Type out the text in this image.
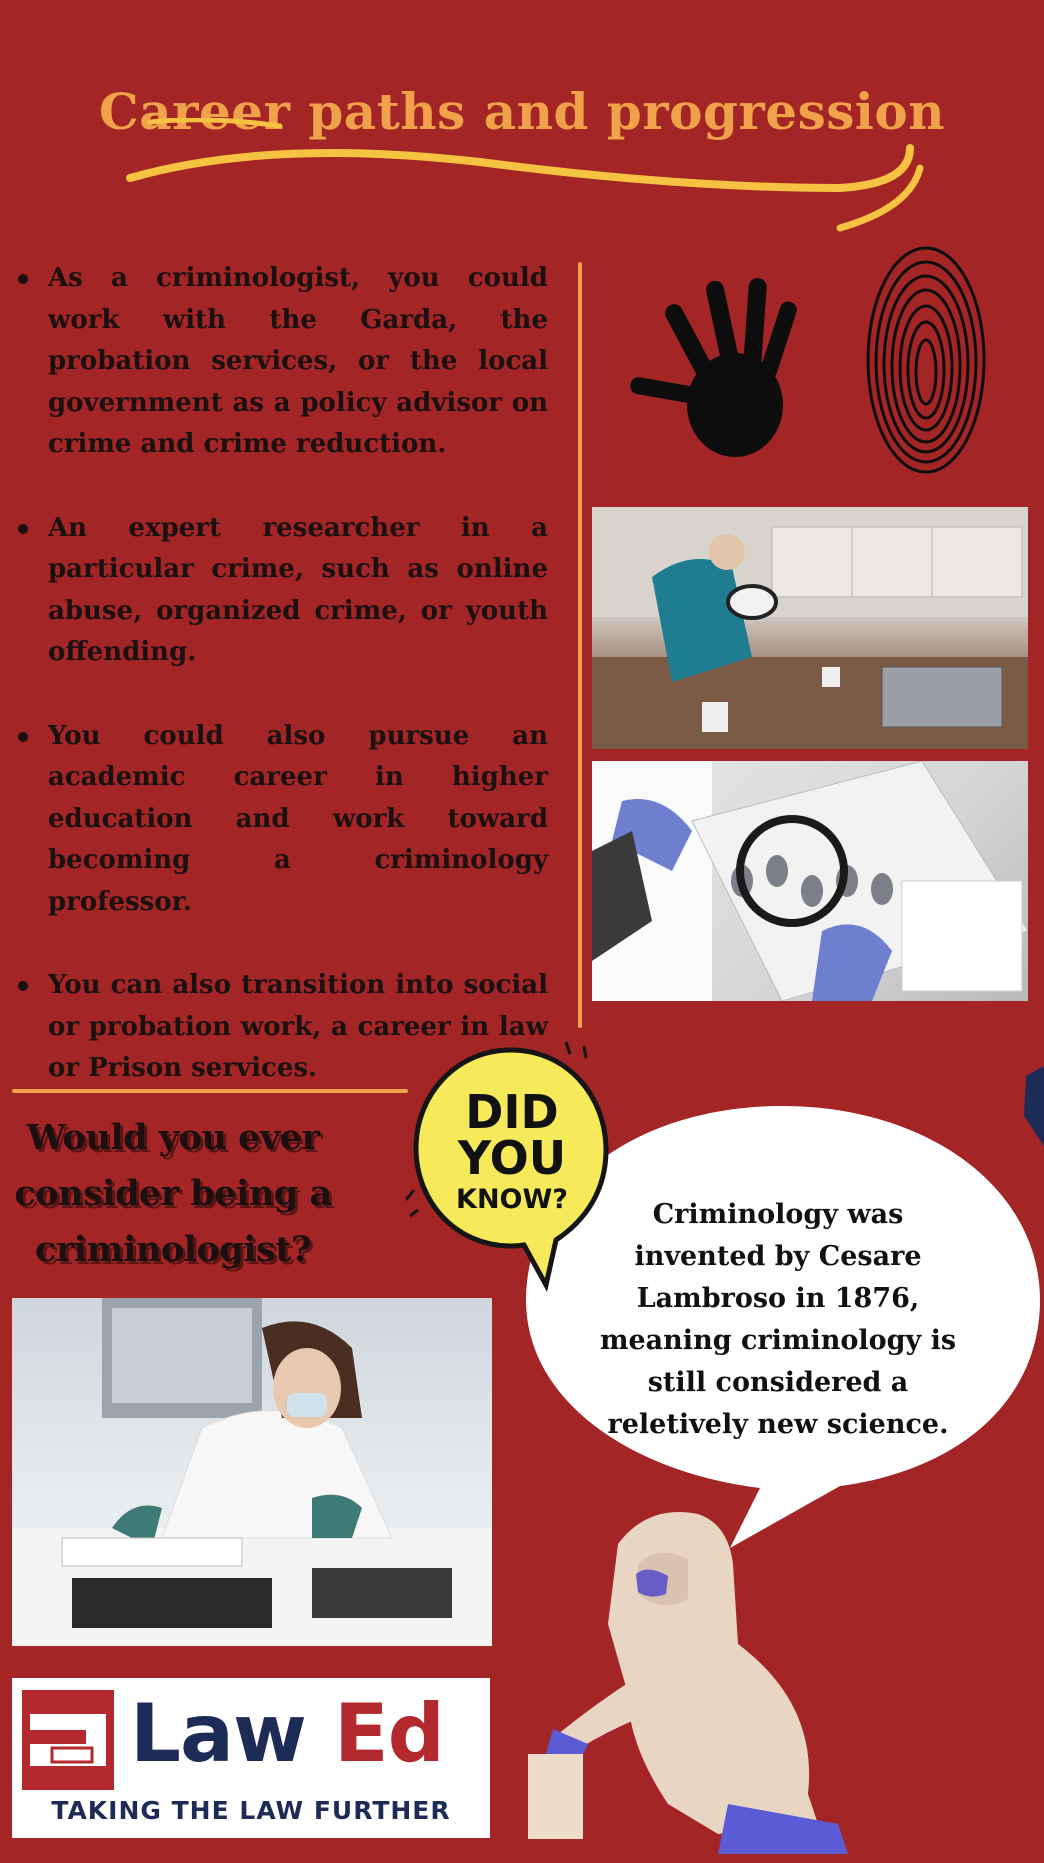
Career paths and progression
As a criminologist, you could work with the Garda, the probation services, or the local government as a policy advisor on crime and crime reduction.
An expert researcher in a particular crime, such as online abuse, organized crime, or youth offending.
You could also pursue an academic career in higher education and work toward becoming a criminology professor.
You can also transition into social or probation work, a career in law or Prison services.
Would you ever consider being a criminologist?
Law Ed
TAKING THE LAW FURTHER
DID
YOU
KNOW?	Criminology was invented by Cesare Lambroso in 1876, meaning criminology is still considered a reletively new science.
